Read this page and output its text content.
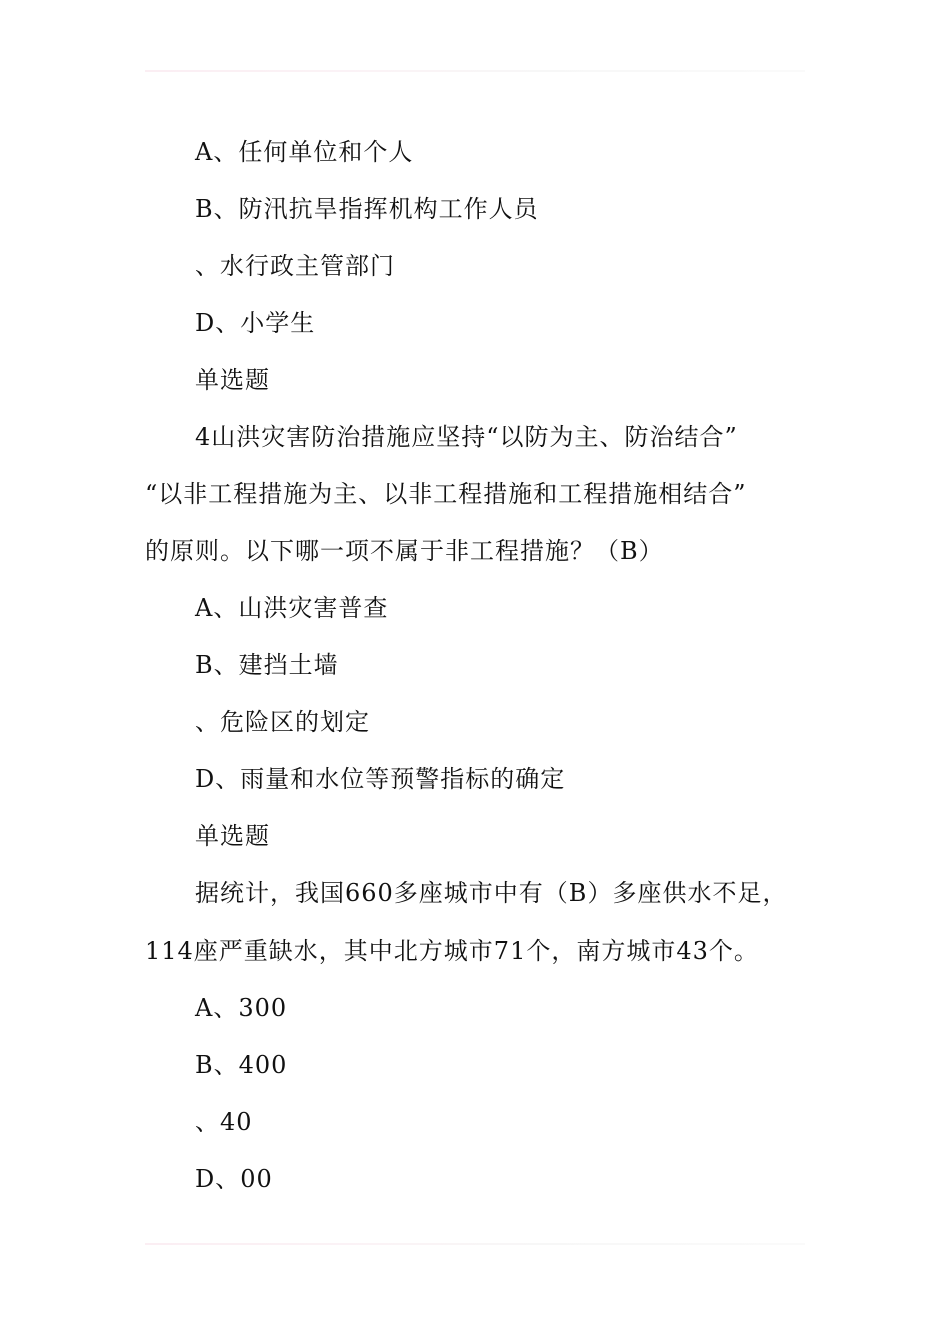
A、任何单位和个人
B、防汛抗旱指挥机构工作人员
、水行政主管部门
D、小学生
单选题
4山洪灾害防治措施应坚持“以防为主、防治结合”
“以非工程措施为主、以非工程措施和工程措施相结合”
的原则。以下哪一项不属于非工程措施？（B）
A、山洪灾害普查
B、建挡土墙
、危险区的划定
D、雨量和水位等预警指标的确定
单选题
据统计，我国660多座城市中有（B）多座供水不足，
114座严重缺水，其中北方城市71个，南方城市43个。
A、300
B、400
、40
D、00
